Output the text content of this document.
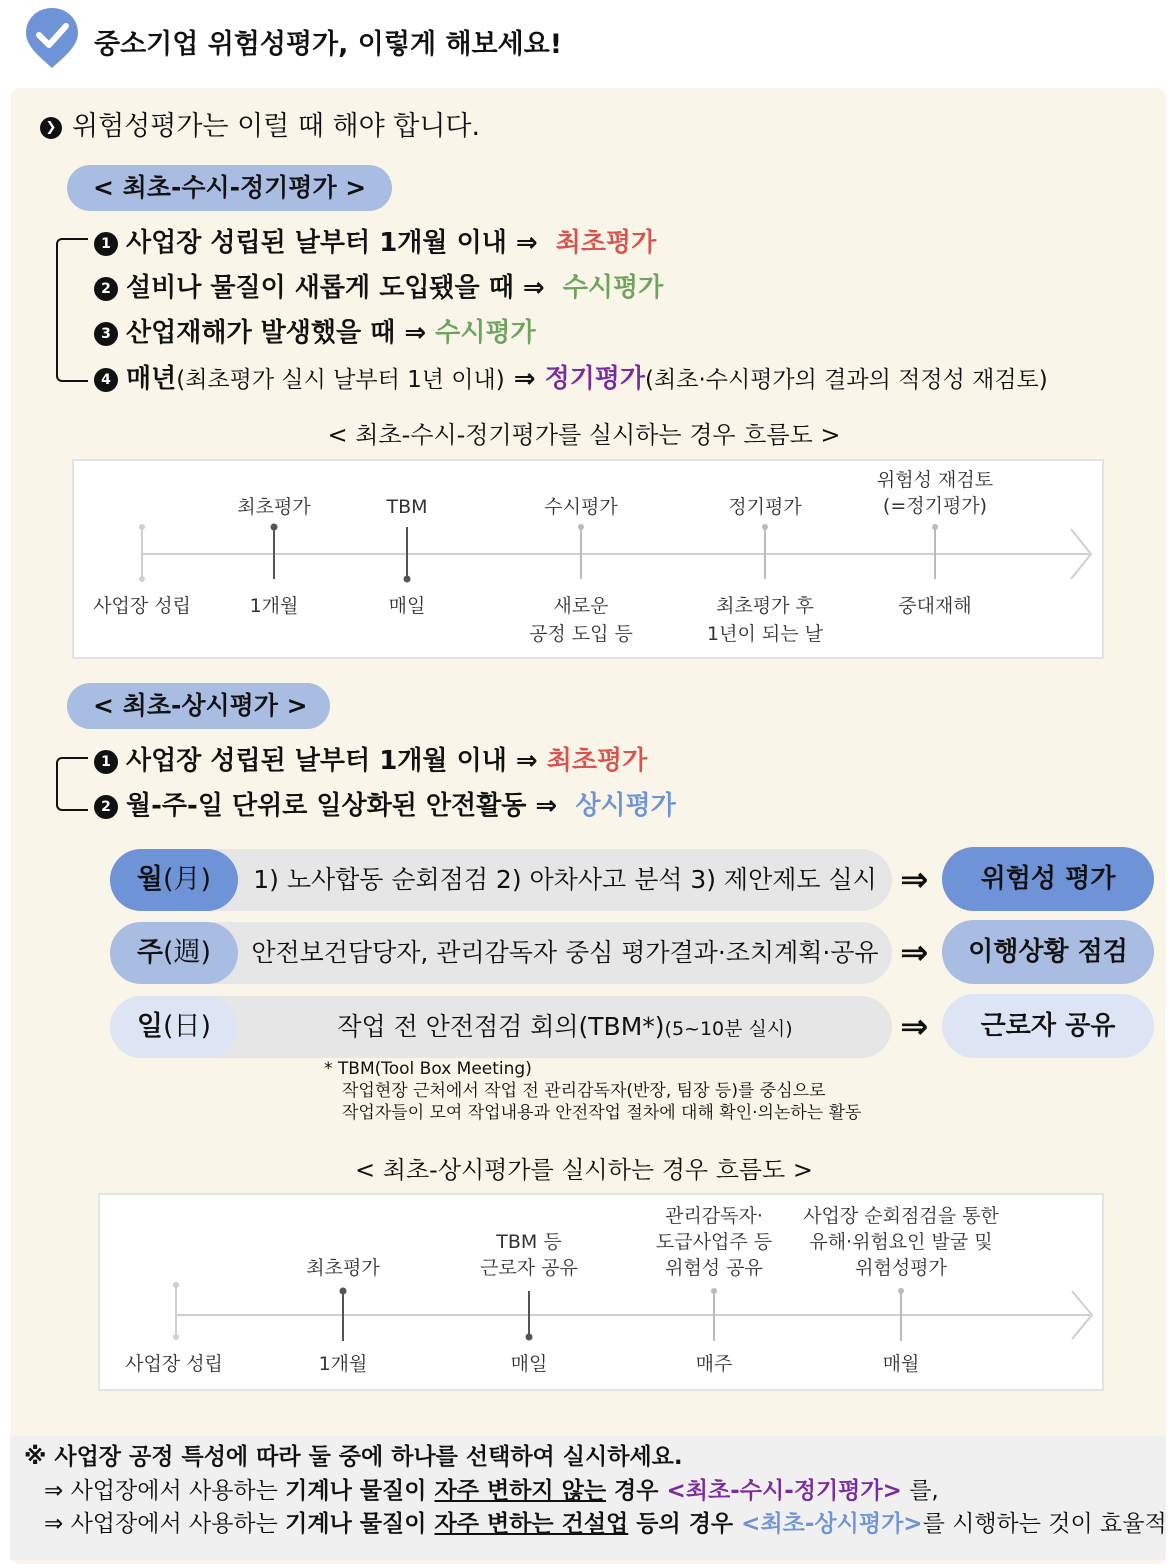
중소기업 위험성평가, 이렇게 해보세요!
❯ 위험성평가는 이럴 때 해야 합니다.
< 최초-수시-정기평가 >
1 사업장 성립된 날부터 1개월 이내 ⇒ 최초평가
2 설비나 물질이 새롭게 도입됐을 때 ⇒ 수시평가
3 산업재해가 발생했을 때 ⇒ 수시평가
4 매년(최초평가 실시 날부터 1년 이내) ⇒ 정기평가(최초·수시평가의 결과의 적정성 재검토)
< 최초-수시-정기평가를 실시하는 경우 흐름도 >
최초평가	TBM	수시평가	정기평가
위험성 재검토
(=정기평가)
사업장 성립	1개월	매일	새로운
공정 도입 등
최초평가 후
1년이 되는 날
중대재해
< 최초-상시평가 >
1 사업장 성립된 날부터 1개월 이내 ⇒ 최초평가
2 월-주-일 단위로 일상화된 안전활동 ⇒ 상시평가
월(月)	1) 노사합동 순회점검 2) 아차사고 분석 3) 제안제도 실시 ⇒	위험성 평가
주(週)	안전보건담당자, 관리감독자 중심 평가결과·조치계획·공유 ⇒	이행상황 점검
일(日)	작업 전 안전점검 회의(TBM*)(5~10분 실시)	⇒	근로자 공유
* TBM(Tool Box Meeting)
작업현장 근처에서 작업 전 관리감독자(반장, 팀장 등)를 중심으로
작업자들이 모여 작업내용과 안전작업 절차에 대해 확인·의논하는 활동
< 최초-상시평가를 실시하는 경우 흐름도 >
최초평가
TBM 등
근로자 공유
관리감독자·
도급사업주 등
위험성 공유
사업장 순회점검을 통한
유해·위험요인 발굴 및
위험성평가
사업장 성립	1개월	매일	매주	매월
※ 사업장 공정 특성에 따라 둘 중에 하나를 선택하여 실시하세요.
⇒ 사업장에서 사용하는 기계나 물질이 자주 변하지 않는 경우 <최초-수시-정기평가> 를,
⇒ 사업장에서 사용하는 기계나 물질이 자주 변하는 건설업 등의 경우 <최초-상시평가>를 시행하는 것이 효율적
